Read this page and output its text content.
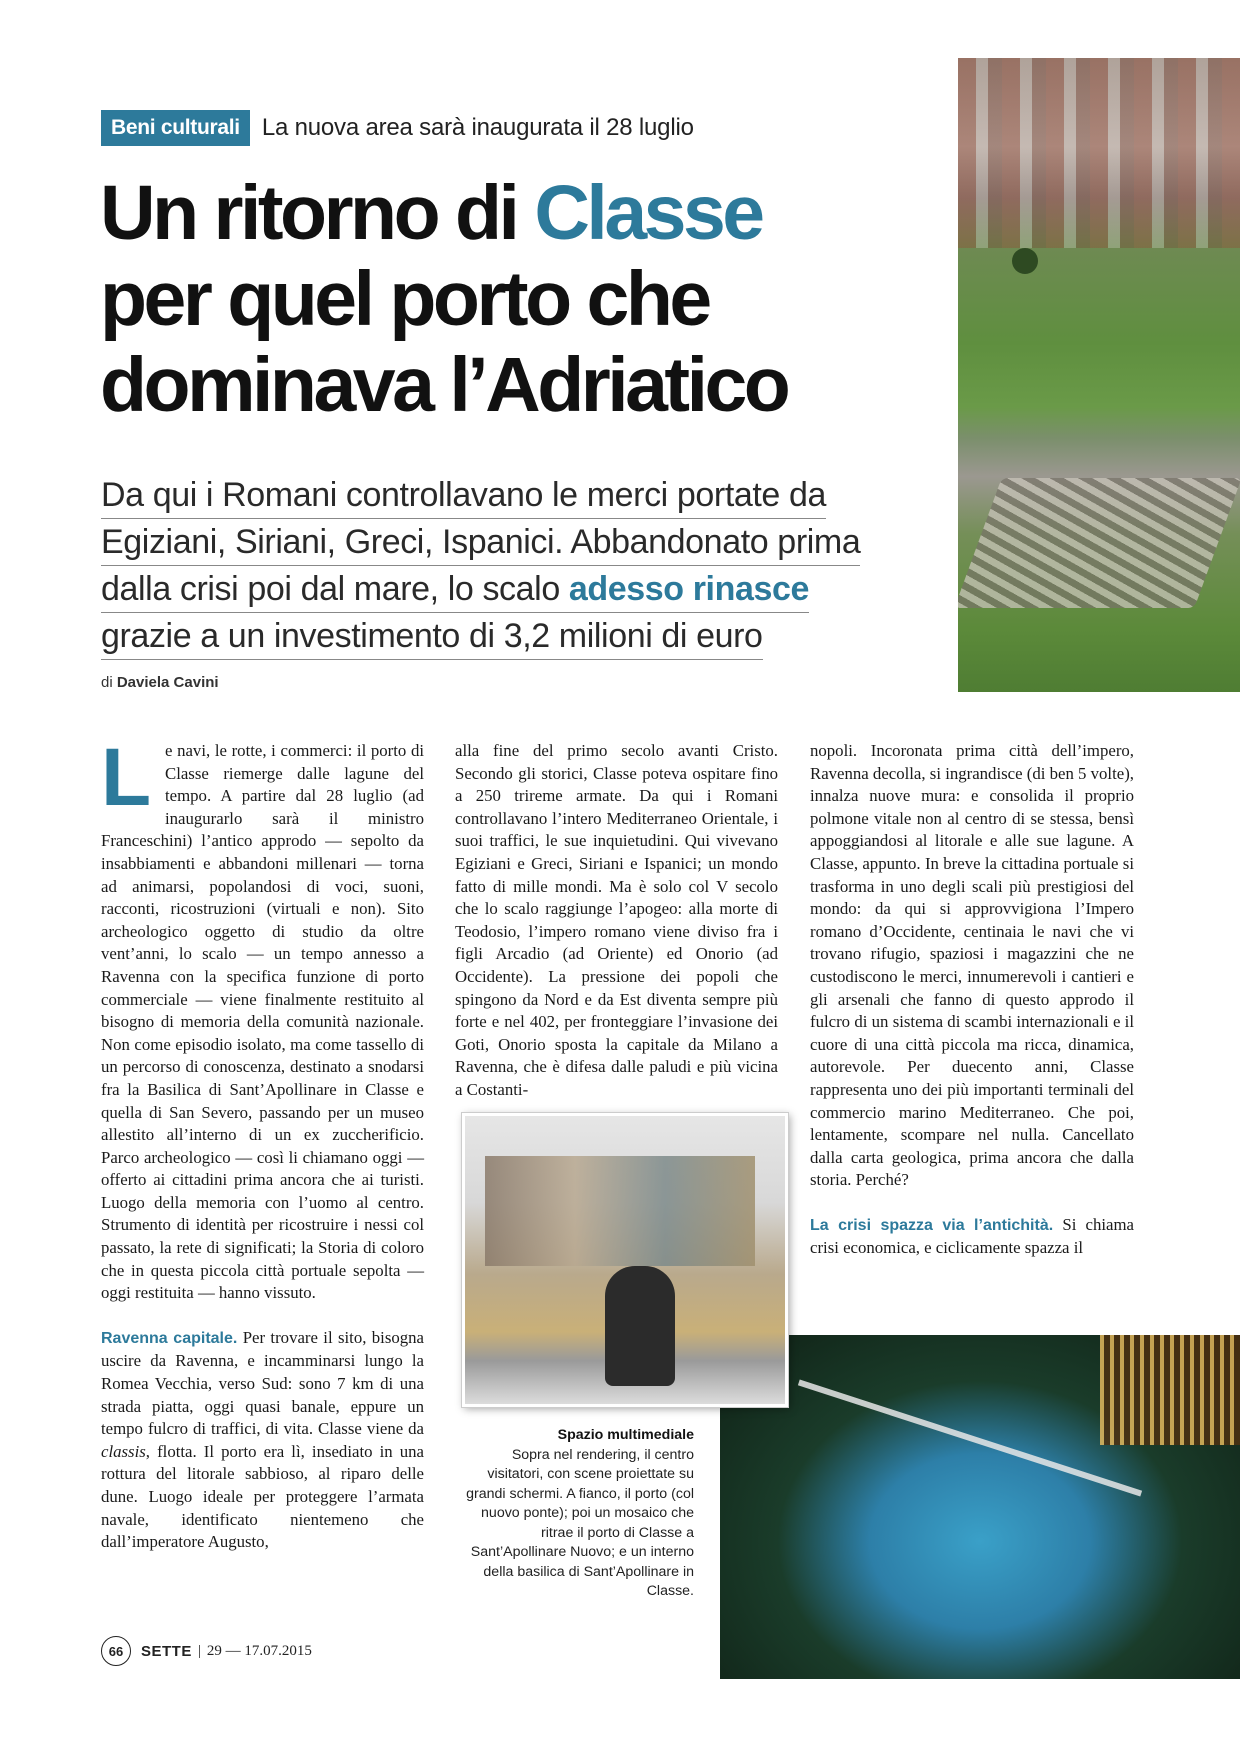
Beni culturali La nuova area sarà inaugurata il 28 luglio
Un ritorno di Classe
per quel porto che
dominava l’Adriatico
Da qui i Romani controllavano le merci portate da
Egiziani, Siriani, Greci, Ispanici. Abbandonato prima
dalla crisi poi dal mare, lo scalo adesso rinasce
grazie a un investimento di 3,2 milioni di euro
di Daviela Cavini

Le navi, le rotte, i commerci: il porto di Classe riemerge dalle lagune del tempo. A partire dal 28 luglio (ad inaugurarlo sarà il ministro Franceschini) l’antico approdo — sepolto da insabbiamenti e abbandoni millenari — torna ad animarsi, popolandosi di voci, suoni, racconti, ricostruzioni (virtuali e non). Sito archeologico oggetto di studio da oltre vent’anni, lo scalo — un tempo annesso a Ravenna con la specifica funzione di porto commerciale — viene finalmente restituito al bisogno di memoria della comunità nazionale. Non come episodio isolato, ma come tassello di un percorso di conoscenza, destinato a snodarsi fra la Basilica di Sant’Apollinare in Classe e quella di San Severo, passando per un museo allestito all’interno di un ex zuccherificio. Parco archeologico — così li chiamano oggi — offerto ai cittadini prima ancora che ai turisti. Luogo della memoria con l’uomo al centro. Strumento di identità per ricostruire i nessi col passato, la rete di significati; la Storia di coloro che in questa piccola città portuale sepolta — oggi restituita — hanno vissuto.

Ravenna capitale. Per trovare il sito, bisogna uscire da Ravenna, e incamminarsi lungo la Romea Vecchia, verso Sud: sono 7 km di una strada piatta, oggi quasi banale, eppure un tempo fulcro di traffici, di vita. Classe viene da classis, flotta. Il porto era lì, insediato in una rottura del litorale sabbioso, al riparo delle dune. Luogo ideale per proteggere l’armata navale, identificato nientemeno che dall’imperatore Augusto,

alla fine del primo secolo avanti Cristo. Secondo gli storici, Classe poteva ospitare fino a 250 trireme armate. Da qui i Romani controllavano l’intero Mediterraneo Orientale, i suoi traffici, le sue inquietudini. Qui vivevano Egiziani e Greci, Siriani e Ispanici; un mondo fatto di mille mondi. Ma è solo col V secolo che lo scalo raggiunge l’apogeo: alla morte di Teodosio, l’impero romano viene diviso fra i figli Arcadio (ad Oriente) ed Onorio (ad Occidente). La pressione dei popoli che spingono da Nord e da Est diventa sempre più forte e nel 402, per fronteggiare l’invasione dei Goti, Onorio sposta la capitale da Milano a Ravenna, che è difesa dalle paludi e più vicina a Costanti-

nopoli. Incoronata prima città dell’impero, Ravenna decolla, si ingrandisce (di ben 5 volte), innalza nuove mura: e consolida il proprio polmone vitale non al centro di se stessa, bensì appoggiandosi al litorale e alle sue lagune. A Classe, appunto. In breve la cittadina portuale si trasforma in uno degli scali più prestigiosi del mondo: da qui si approvvigiona l’Impero romano d’Occidente, centinaia le navi che vi trovano rifugio, spaziosi i magazzini che ne custodiscono le merci, innumerevoli i cantieri e gli arsenali che fanno di questo approdo il fulcro di un sistema di scambi internazionali e il cuore di una città piccola ma ricca, dinamica, autorevole. Per duecento anni, Classe rappresenta uno dei più importanti terminali del commercio marino Mediterraneo. Che poi, lentamente, scompare nel nulla. Cancellato dalla carta geologica, prima ancora che dalla storia. Perché?

La crisi spazza via l’antichità. Si chiama crisi economica, e ciclicamente spazza il

Spazio multimediale
Sopra nel rendering, il centro visitatori, con scene proiettate su grandi schermi. A fianco, il porto (col nuovo ponte); poi un mosaico che ritrae il porto di Classe a Sant’Apollinare Nuovo; e un interno della basilica di Sant’Apollinare in Classe.
66	SETTE | 29 — 17.07.2015
